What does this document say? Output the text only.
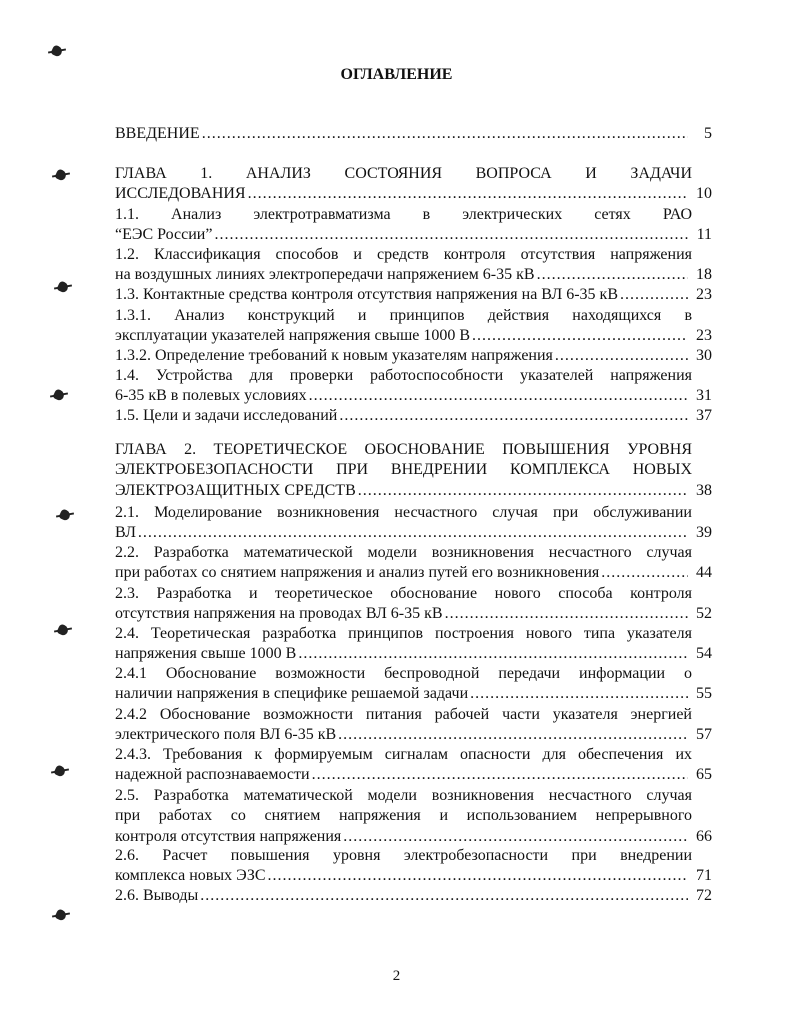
ОГЛАВЛЕНИЕ
ВВЕДЕНИЕ .....	5
ГЛАВА 1. АНАЛИЗ СОСТОЯНИЯ ВОПРОСА И ЗАДАЧИ
ИССЛЕДОВАНИЯ .....	10
1.1. Анализ электротравматизма в электрических сетях РАО
“ЕЭС России” .....	11
1.2. Классификация способов и средств контроля отсутствия напряжения
на воздушных линиях электропередачи напряжением 6-35 кВ .....	18
1.3. Контактные средства контроля отсутствия напряжения на ВЛ 6-35 кВ .....	23
1.3.1. Анализ конструкций и принципов действия находящихся в
эксплуатации указателей напряжения свыше 1000 В .....	23
1.3.2. Определение требований к новым указателям напряжения .....	30
1.4. Устройства для проверки работоспособности указателей напряжения
6-35 кВ в полевых условиях .....	31
1.5. Цели и задачи исследований .....	37
ГЛАВА 2. ТЕОРЕТИЧЕСКОЕ ОБОСНОВАНИЕ ПОВЫШЕНИЯ УРОВНЯ
ЭЛЕКТРОБЕЗОПАСНОСТИ ПРИ ВНЕДРЕНИИ КОМПЛЕКСА НОВЫХ
ЭЛЕКТРОЗАЩИТНЫХ СРЕДСТВ .....	38
2.1. Моделирование возникновения несчастного случая при обслуживании
ВЛ .....	39
2.2. Разработка математической модели возникновения несчастного случая
при работах со снятием напряжения и анализ путей его возникновения .....	44
2.3. Разработка и теоретическое обоснование нового способа контроля
отсутствия напряжения на проводах ВЛ 6-35 кВ .....	52
2.4. Теоретическая разработка принципов построения нового типа указателя
напряжения свыше 1000 В .....	54
2.4.1 Обоснование возможности беспроводной передачи информации о
наличии напряжения в специфике решаемой задачи .....	55
2.4.2 Обоснование возможности питания рабочей части указателя энергией
электрического поля ВЛ 6-35 кВ .....	57
2.4.3. Требования к формируемым сигналам опасности для обеспечения их
надежной распознаваемости .....	65
2.5. Разработка математической модели возникновения несчастного случая
при работах со снятием напряжения и использованием непрерывного
контроля отсутствия напряжения .....	66
2.6. Расчет повышения уровня электробезопасности при внедрении
комплекса новых ЭЗС .....	71
2.6. Выводы .....	72
2
